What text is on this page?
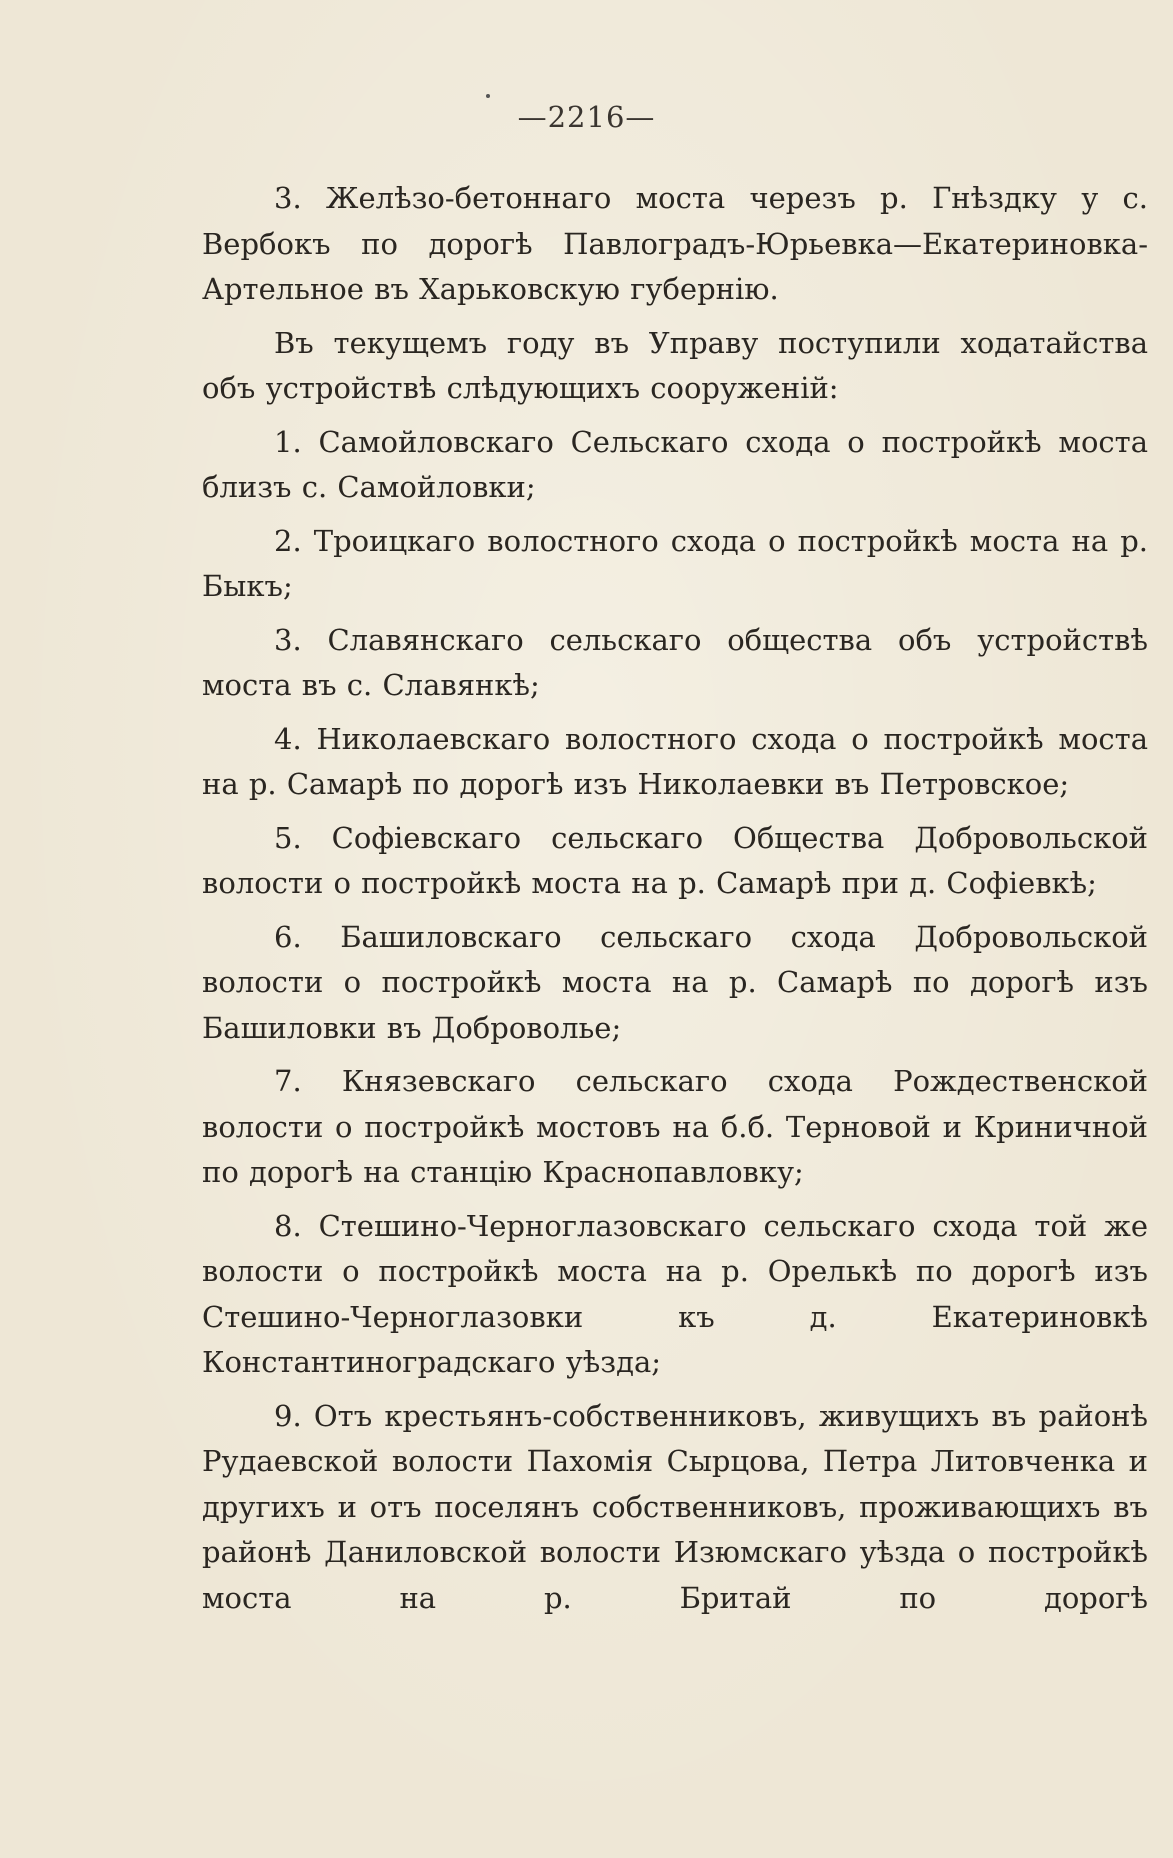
—2216—

3. Желѣзо-бетоннаго моста черезъ р. Гнѣздку у с. Вербокъ по дорогѣ Павлоградъ-Юрьевка—Екатериновка-Артельное въ Харьковскую губернію.

Въ текущемъ году въ Управу поступили ходатайства объ устройствѣ слѣдующихъ сооруженій:

1. Самойловскаго Сельскаго схода о постройкѣ моста близъ с. Самойловки;

2. Троицкаго волостного схода о постройкѣ моста на р. Быкъ;

3. Славянскаго сельскаго общества объ устройствѣ моста въ с. Славянкѣ;

4. Николаевскаго волостного схода о постройкѣ моста на р. Самарѣ по дорогѣ изъ Николаевки въ Петровское;

5. Софіевскаго сельскаго Общества Добровольской волости о постройкѣ моста на р. Самарѣ при д. Софіевкѣ;

6. Башиловскаго сельскаго схода Добровольской волости о постройкѣ моста на р. Самарѣ по дорогѣ изъ Башиловки въ Доброволье;

7. Князевскаго сельскаго схода Рождественской волости о постройкѣ мостовъ на б.б. Терновой и Криничной по дорогѣ на станцію Краснопавловку;

8. Стешино-Черноглазовскаго сельскаго схода той же волости о постройкѣ моста на р. Орелькѣ по дорогѣ изъ Стешино-Черноглазовки къ д. Екатериновкѣ Константиноградскаго уѣзда;

9. Отъ крестьянъ-собственниковъ, живущихъ въ районѣ Рудаевской волости Пахомія Сырцова, Петра Литовченка и другихъ и отъ поселянъ собственниковъ, проживающихъ въ районѣ Даниловской волости Изюмскаго уѣзда о постройкѣ моста на р. Бритай по дорогѣ
